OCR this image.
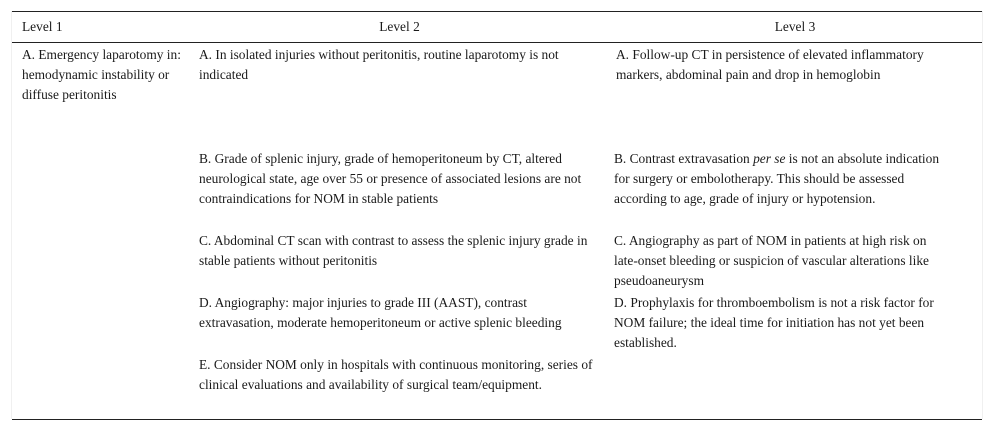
Level 1	Level 2	Level 3
A. Emergency laparotomy in: hemodynamic instability or diffuse peritonitis	A. In isolated injuries without peritonitis, routine laparotomy is not indicated	A. Follow-up CT in persistence of elevated inflammatory markers, abdominal pain and drop in hemoglobin
	B. Grade of splenic injury, grade of hemoperitoneum by CT, altered neurological state, age over 55 or presence of associated lesions are not contraindications for NOM in stable patients	B. Contrast extravasation per se is not an absolute indication for surgery or embolotherapy. This should be assessed according to age, grade of injury or hypotension.
	C. Abdominal CT scan with contrast to assess the splenic injury grade in stable patients without peritonitis	C. Angiography as part of NOM in patients at high risk on late-onset bleeding or suspicion of vascular alterations like pseudoaneurysm
	D. Angiography: major injuries to grade III (AAST), contrast extravasation, moderate hemoperitoneum or active splenic bleeding	D. Prophylaxis for thromboembolism is not a risk factor for NOM failure; the ideal time for initiation has not yet been established.
	E. Consider NOM only in hospitals with continuous monitoring, series of clinical evaluations and availability of surgical team/equipment.	
